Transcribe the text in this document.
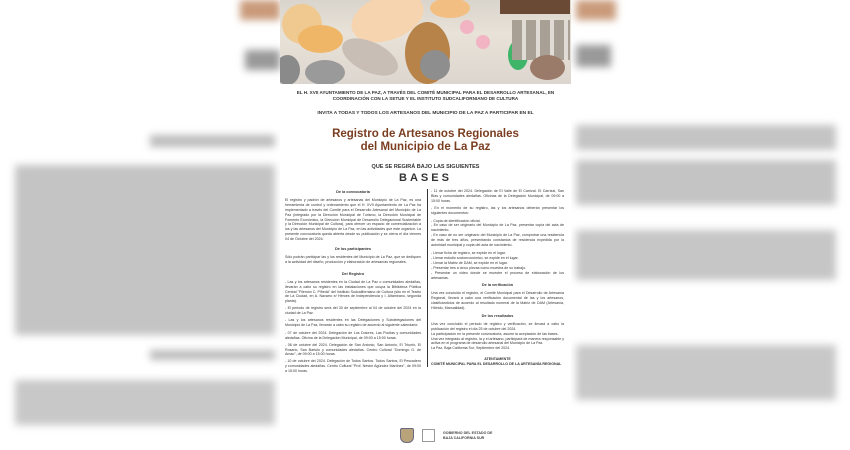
EL H. XVII AYUNTAMIENTO DE LA PAZ, A TRAVÉS DEL COMITÉ MUNICIPAL PARA EL DESARROLLO ARTESANAL, EN COORDINACIÓN CON LA SETUE Y EL INSTITUTO SUDCALIFORNIANO DE CULTURA
INVITA A TODAS Y TODOS LOS ARTESANOS DEL MUNICIPIO DE LA PAZ A PARTICIPAR EN EL
Registro de Artesanos Regionales
del Municipio de La Paz
QUE SE REGIRÁ BAJO LAS SIGUIENTES
BASES
De la convocatoria

El registro y padrón de artesanos y artesanas del Municipio de La Paz, es una herramienta de control y ordenamiento que el H. XVII Ayuntamiento de La Paz ha implementado a través del Comité para el Desarrollo Artesanal del Municipio de La Paz (integrado por la Dirección Municipal de Turismo, la Dirección Municipal de Fomento Económico, la Dirección Municipal de Desarrollo Delegacional Sustentable y la Dirección Municipal de Cultura), para ofrecer un espacio de comercialización a los y las artesanos del Municipio de La Paz, en las actividades que este organice. La presente convocatoria queda abierta desde su publicación y se cierra el día viernes 04 de Octubre del 2024.

De los participantes

Sólo podrán participar las y los residentes del Municipio de La Paz, que se dediquen a la actividad del diseño, producción y elaboración de artesanías regionales.

Del Registro

- Las y los artesanos residentes en la Ciudad de La Paz o comunidades aledañas, llevarán a cabo su registro en las instalaciones que ocupa la Biblioteca Pública Central "Filemón C. Piñeda" del Instituto Sudcaliforniano de Cultura (sito en el Teatro de La Ciudad, en A. Navarro e/ Héroes de Independencia y I. Altamirano, segunda planta).

- El periodo de registro será del 30 de septiembre al 04 de octubre del 2024 en la ciudad de La Paz.

- Las y los artesanos residentes en las Delegaciones y Subdelegaciones del Municipio de La Paz, llevarán a cabo su registro de acuerdo al siguiente calendario:

- 07 de octubre del 2024. Delegación de Los Dolores, Las Pocitas y comunidades aledañas. Oficina de la Delegación Municipal, de 09:00 a 15:00 horas.

- 08 de octubre del 2024. Delegación de San Antonio, San Antonio, El Triunfo, El Rosario, San Bartolo y comunidades aledañas. Centro Cultural "Domingo G. de Amao", de 09:00 a 15:00 horas.

- 10 de octubre del 2024. Delegación de Todos Santos. Todos Santos, El Pescadero y comunidades aledañas. Centro Cultural "Prof. Néstor Agúndez Martínez", de 09:00 a 15:00 horas.

- 11 de octubre del 2024. Delegación de El Valle de El Carrizal. El Carrizal, San Blas y comunidades aledañas. Oficinas de la Delegación Municipal, de 09:00 a 15:00 horas.

- En el momento de su registro, las y los artesanos deberán presentar los siguientes documentos:

- Copia de identificación oficial.

- En caso de ser originario del Municipio de La Paz, presentar copia del acta de nacimiento.

- En caso de no ser originario del Municipio de La Paz, comprobar una residencia de más de tres años, presentando constancia de residencia expedida por la autoridad municipal y copia del acta de nacimiento.

- Llenar ficha de registro, se expide en el lugar.

- Llenar estudio socioeconómico, se expide en el lugar.

- Llenar la Matriz de DAM, se expide en el lugar.

- Presentar tres a cinco piezas como muestra de su trabajo.

- Presentar un video donde se muestre el proceso de elaboración de los artesanías.

De la verificación

Una vez concluido el registro, el Comité Municipal para el Desarrollo de Artesanía Regional, llevará a cabo una verificación documental de las y los artesanos, clasificándolos de acuerdo al resultado numeral de la Matriz de DAM (Artesanía, Híbrido, Manualidad).

De los resultados

Una vez concluido el periodo de registro y verificación, se llevará a cabo la publicación del registro el día 25 de octubre del 2024.

La participación en la presente convocatoria, asume la aceptación de las bases.

Una vez integrado al registro, la y el artesano, participará de manera responsable y activa en el programa de desarrollo artesanal del Municipio de La Paz.

La Paz, Baja California Sur, Septiembre del 2024.

ATENTAMENTE
COMITÉ MUNICIPAL PARA EL DESARROLLO DE LA ARTESANÍA REGIONAL
GOBIERNO DEL ESTADO DE
BAJA CALIFORNIA SUR
